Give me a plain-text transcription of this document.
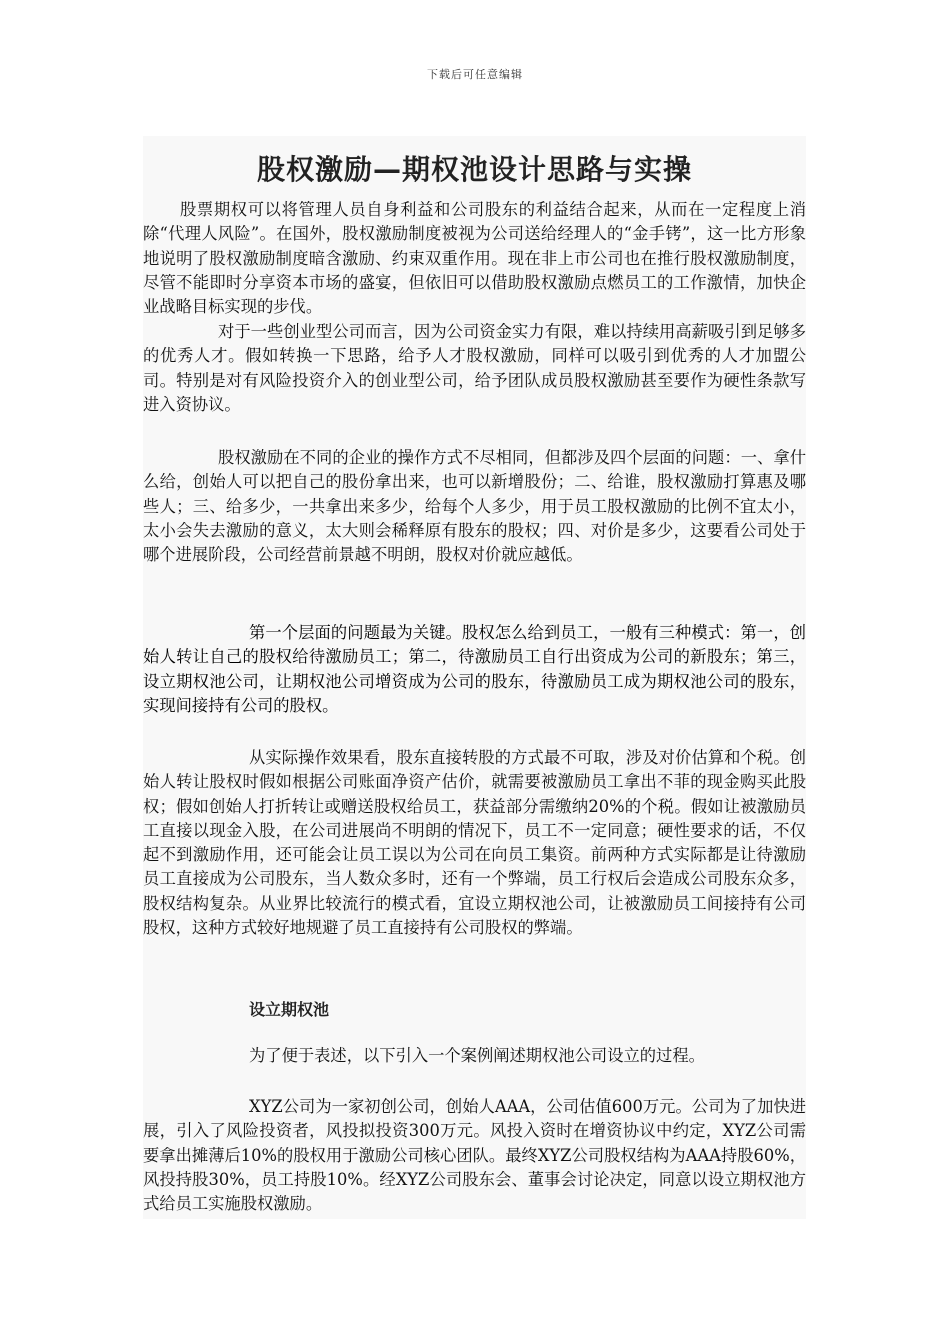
下载后可任意编辑
股权激励—期权池设计思路与实操

股票期权可以将管理人员自身利益和公司股东的利益结合起来，从而在一定程度上消除“代理人风险”。在国外，股权激励制度被视为公司送给经理人的“金手铐”，这一比方形象地说明了股权激励制度暗含激励、约束双重作用。现在非上市公司也在推行股权激励制度，尽管不能即时分享资本市场的盛宴，但依旧可以借助股权激励点燃员工的工作激情，加快企业战略目标实现的步伐。

对于一些创业型公司而言，因为公司资金实力有限，难以持续用高薪吸引到足够多的优秀人才。假如转换一下思路，给予人才股权激励，同样可以吸引到优秀的人才加盟公司。特别是对有风险投资介入的创业型公司，给予团队成员股权激励甚至要作为硬性条款写进入资协议。

股权激励在不同的企业的操作方式不尽相同，但都涉及四个层面的问题：一、拿什么给，创始人可以把自己的股份拿出来，也可以新增股份；二、给谁，股权激励打算惠及哪些人；三、给多少，一共拿出来多少，给每个人多少，用于员工股权激励的比例不宜太小，太小会失去激励的意义，太大则会稀释原有股东的股权；四、对价是多少，这要看公司处于哪个进展阶段，公司经营前景越不明朗，股权对价就应越低。

第一个层面的问题最为关键。股权怎么给到员工，一般有三种模式：第一，创始人转让自己的股权给待激励员工；第二，待激励员工自行出资成为公司的新股东；第三，设立期权池公司，让期权池公司增资成为公司的股东，待激励员工成为期权池公司的股东，实现间接持有公司的股权。

从实际操作效果看，股东直接转股的方式最不可取，涉及对价估算和个税。创始人转让股权时假如根据公司账面净资产估价，就需要被激励员工拿出不菲的现金购买此股权；假如创始人打折转让或赠送股权给员工，获益部分需缴纳20%的个税。假如让被激励员工直接以现金入股，在公司进展尚不明朗的情况下，员工不一定同意；硬性要求的话，不仅起不到激励作用，还可能会让员工误以为公司在向员工集资。前两种方式实际都是让待激励员工直接成为公司股东，当人数众多时，还有一个弊端，员工行权后会造成公司股东众多，股权结构复杂。从业界比较流行的模式看，宜设立期权池公司，让被激励员工间接持有公司股权，这种方式较好地规避了员工直接持有公司股权的弊端。

设立期权池

为了便于表述，以下引入一个案例阐述期权池公司设立的过程。

XYZ公司为一家初创公司，创始人AAA，公司估值600万元。公司为了加快进展，引入了风险投资者，风投拟投资300万元。风投入资时在增资协议中约定，XYZ公司需要拿出摊薄后10%的股权用于激励公司核心团队。最终XYZ公司股权结构为AAA持股60%，风投持股30%，员工持股10%。经XYZ公司股东会、董事会讨论决定，同意以设立期权池方式给员工实施股权激励。
